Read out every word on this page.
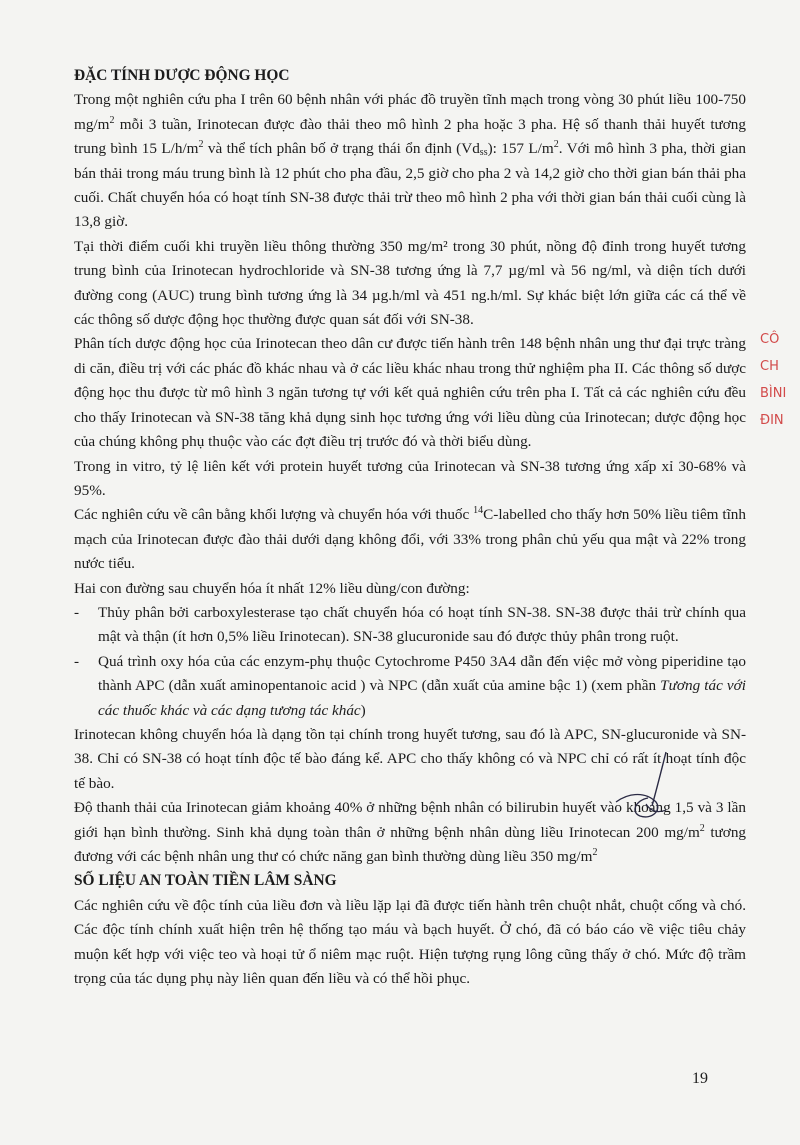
ĐẶC TÍNH DƯỢC ĐỘNG HỌC

Trong một nghiên cứu pha I trên 60 bệnh nhân với phác đồ truyền tĩnh mạch trong vòng 30 phút liều 100-750 $mg/m^2$ mỗi 3 tuần, Irinotecan được đào thải theo mô hình 2 pha hoặc 3 pha. Hệ số thanh thải huyết tương trung bình 15 $L/h/m^2$ và thể tích phân bố ở trạng thái ổn định $(Vd_{ss})$: 157 $L/m^2$. Với mô hình 3 pha, thời gian bán thải trong máu trung bình là 12 phút cho pha đầu, 2,5 giờ cho pha 2 và 14,2 giờ cho thời gian bán thải pha cuối. Chất chuyển hóa có hoạt tính SN-38 được thải trừ theo mô hình 2 pha với thời gian bán thải cuối cùng là 13,8 giờ.

Tại thời điểm cuối khi truyền liều thông thường 350 mg/m² trong 30 phút, nồng độ đỉnh trong huyết tương trung bình của Irinotecan hydrochloride và SN-38 tương ứng là 7,7 µg/ml và 56 ng/ml, và diện tích dưới đường cong (AUC) trung bình tương ứng là 34 µg.h/ml và 451 ng.h/ml. Sự khác biệt lớn giữa các cá thể về các thông số dược động học thường được quan sát đối với SN-38.

Phân tích dược động học của Irinotecan theo dân cư được tiến hành trên 148 bệnh nhân ung thư đại trực tràng di căn, điều trị với các phác đồ khác nhau và ở các liều khác nhau trong thử nghiệm pha II. Các thông số dược động học thu được từ mô hình 3 ngăn tương tự với kết quả nghiên cứu trên pha I. Tất cả các nghiên cứu đều cho thấy Irinotecan và SN-38 tăng khả dụng sinh học tương ứng với liều dùng của Irinotecan; dược động học của chúng không phụ thuộc vào các đợt điều trị trước đó và thời biểu dùng.

Trong in vitro, tỷ lệ liên kết với protein huyết tương của Irinotecan và SN-38 tương ứng xấp xỉ 30-68% và 95%.

Các nghiên cứu về cân bằng khối lượng và chuyển hóa với thuốc $^{14}$C-labelled cho thấy hơn 50% liều tiêm tĩnh mạch của Irinotecan được đào thải dưới dạng không đổi, với 33% trong phân chủ yếu qua mật và 22% trong nước tiểu.

Hai con đường sau chuyển hóa ít nhất 12% liều dùng/con đường:

- Thủy phân bởi carboxylesterase tạo chất chuyển hóa có hoạt tính SN-38. SN-38 được thải trừ chính qua mật và thận (ít hơn 0,5% liều Irinotecan). SN-38 glucuronide sau đó được thủy phân trong ruột.
- Quá trình oxy hóa của các enzym-phụ thuộc Cytochrome P450 3A4 dẫn đến việc mở vòng piperidine tạo thành APC (dẫn xuất aminopentanoic acid ) và NPC (dẫn xuất của amine bậc 1) (xem phần Tương tác với các thuốc khác và các dạng tương tác khác)

Irinotecan không chuyển hóa là dạng tồn tại chính trong huyết tương, sau đó là APC, SN-glucuronide và SN-38. Chỉ có SN-38 có hoạt tính độc tế bào đáng kể. APC cho thấy không có và NPC chỉ có rất ít hoạt tính độc tế bào.

Độ thanh thải của Irinotecan giảm khoảng 40% ở những bệnh nhân có bilirubin huyết vào khoảng 1,5 và 3 lần giới hạn bình thường. Sinh khả dụng toàn thân ở những bệnh nhân dùng liều Irinotecan 200 $mg/m^2$ tương đương với các bệnh nhân ung thư có chức năng gan bình thường dùng liều 350 $mg/m^2$

SỐ LIỆU AN TOÀN TIỀN LÂM SÀNG

Các nghiên cứu về độc tính của liều đơn và liều lặp lại đã được tiến hành trên chuột nhắt, chuột cống và chó. Các độc tính chính xuất hiện trên hệ thống tạo máu và bạch huyết. Ở chó, đã có báo cáo về việc tiêu chảy muộn kết hợp với việc teo và hoại tử ổ niêm mạc ruột. Hiện tượng rụng lông cũng thấy ở chó. Mức độ trầm trọng của tác dụng phụ này liên quan đến liều và có thể hồi phục.

CÔ
CH
BÌNI
ĐIN
19
